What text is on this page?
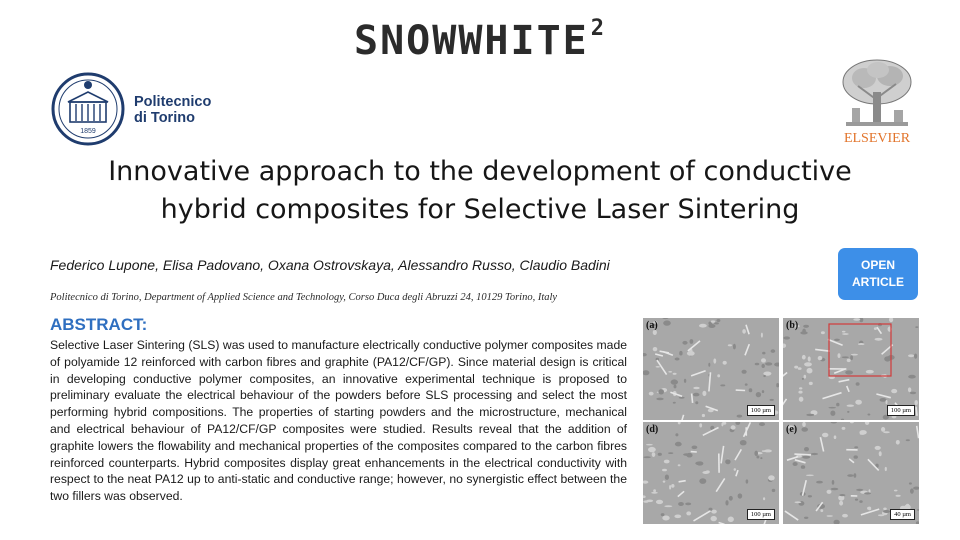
SNOWWHITE$^2$
1859
Politecnico
di Torino
ELSEVIER
Innovative approach to the development of conductive
hybrid composites for Selective Laser Sintering
Federico Lupone, Elisa Padovano, Oxana Ostrovskaya, Alessandro Russo, Claudio Badini
Politecnico di Torino, Department of Applied Science and Technology, Corso Duca degli Abruzzi 24, 10129 Torino, Italy
OPEN
ARTICLE
ABSTRACT:
Selective Laser Sintering (SLS) was used to manufacture electrically conductive polymer composites made of polyamide 12 reinforced with carbon fibres and graphite (PA12/CF/GP). Since material design is critical in developing conductive polymer composites, an innovative experimental technique is proposed to preliminary evaluate the electrical behaviour of the powders before SLS processing and select the most performing hybrid compositions. The properties of starting powders and the microstructure, mechanical and electrical behaviour of PA12/CF/GP composites were studied. Results reveal that the addition of graphite lowers the flowability and mechanical properties of the composites compared to the carbon fibres reinforced counterparts. Hybrid composites display great enhancements in the electrical conductivity with respect to the neat PA12 up to anti-static and conductive range; however, no synergistic effect between the two fillers was observed.
(a)
100 µm
(b)
100 µm
(d)
100 µm
(e)
40 µm
